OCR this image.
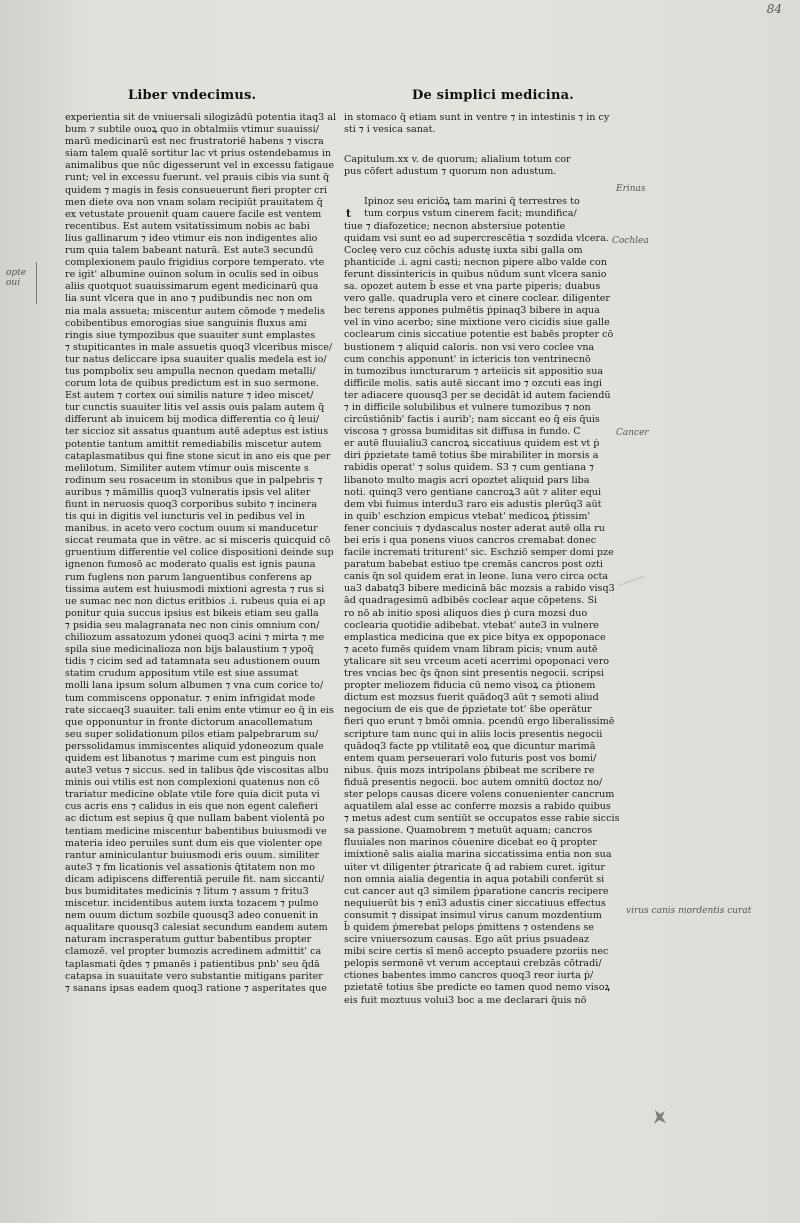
84
Liber vndecimus.	De simplici medicina.
experientia sit de vniuersali silogizādū potentia itaq3 al
bum ⁊ subtile ouoꝝ quo in obtalmiis vtimur suauissi/
marū medicinarū est nec frustratoriē habens ⁊ viscra
siam talem qualē sortitur lac vt prius ostendebamus in
animalibus que nūc digesserunt vel in excessu fatigaue
runt; vel in excessu fuerunt. vel prauis cibis via sunt q̄
quidem ⁊ magis in fesis consueuerunt fieri propter cri
men diete ova non vnam solam recipiūt prauitatem q̄
ex vetustate prouenit quam cauere facile est ventem
recentibus. Est autem vsitatissimum nobis ac babi
lius gallinarum ⁊ ideo vtimur eis non indigentes alio
rum quia talem babeant naturā. Est aute3 secundū
complexionem paulo frigidius corpore temperato. vte
re igit' albumine ouinon solum in oculis sed in oibus
aliis quotquot suauissimarum egent medicinarū qua
lia sunt vlcera que in ano ⁊ pudibundis nec non om
nia mala assueta; miscentur autem cōmode ⁊ medelis
cobibentibus emorogias siue sanguinis fluxus ami
ringis siue tympozibus que suauiter sunt emplastes
⁊ stupiticantes in male assuetis quoq3 vlceribus misce/
tur natus deliccare ipsa suauiter qualis medela est io/
tus pompbolix seu ampulla necnon quedam metalli/
corum lota de quibus predictum est in suo sermone.
Est autem ⁊ cortex oui similis nature ⁊ ideo miscet/
tur cunctis suauiter litis vel assis ouis palam autem q̄
differunt ab inuicem bij modica differentia co q̄ leui/
ter siccioz sit assatus quantum autē adeptus est istius
potentie tantum amittit remediabilis miscetur autem
cataplasmatibus qui fine stone sicut in ano eis que per
melilotum. Similiter autem vtimur ouis miscente s
rodinum seu rosaceum in stonibus que in palpebris ⁊
auribus ⁊ māmillis quoq3 vulneratis ipsis vel aliter
fiunt in neruosis quoq3 corporibus subito ⁊ incinera
tis qui in digitis vel iuncturis vel in pedibus vel in
manibus. in aceto vero coctum ouum si manducetur
siccat reumata que in vētre. ac si misceris quicquid cō
gruentium differentie vel colice dispositioni deinde sup
ignenon fumosō ac moderato qualis est ignis pauna
rum fuglens non parum languentibus conferens ap
tissima autem est huiusmodi mixtioni agresta ⁊ rus si
ue sumac nec non dictus eritbios .i. rubeus quia ei ap
ponitur quia succus ipsius est bikeis etiam seu galla
⁊ psidia seu malagranata nec non cinis omnium con/
chiliozum assatozum ydonei quoq3 acini ⁊ mirta ⁊ me
spila siue medicinalioza non bijs balaustium ⁊ ypoq̄
tidis ⁊ cicim sed ad tatamnata seu adustionem ouum
statim crudum appositum vtile est siue assumat
molli lana ipsum solum albumen ⁊ vna cum corice to/
tum commiscens opponatur. ⁊ enim infrigidat mode
rate siccaeq3 suauiter. tali enim ente vtimur eo q̄ in eis
que opponuntur in fronte dictorum anacollematum
seu super solidationum pilos etiam palpebrarum su/
perssolidamus immiscentes aliquid ydoneozum quale
quidem est libanotus ⁊ marime cum est pinguis non
aute3 vetus ⁊ siccus. sed in talibus q̄de viscositas albu
minis oui vtilis est non complexioni quatenus non cō
trariatur medicine oblate vtile fore quia dicit puta vi
cus acris ens ⁊ calidus in eis que non egent calefieri
ac dictum est sepius q̄ que nullam babent violentā po
tentiam medicine miscentur babentibus buiusmodi ve
materia ideo peruiles sunt dum eis que violenter ope
rantur aminiculantur buiusmodi eris ouum. similiter
aute3 ⁊ fm licationis vel assationis q̄titatem non mo
dicam adipiscens differentiā peruile fit. nam siccanti/
bus bumiditates medicinis ⁊ litum ⁊ assum ⁊ fritu3
miscetur. incidentibus autem iuxta tozacem ⁊ pulmo
nem ouum dictum sozbile quousq3 adeo conuenit in
aqualitare quousq3 calesiat secundum eandem autem
naturam incrasperatum guttur babentibus propter
clamozē. vel propter bumozis acredinem admittit' ca
taplasmati q̄des ⁊ pmanēs i patientibus pnb' seu q̄dā
catapsa in suauitate vero substantie mitigans pariter
⁊ sanans ipsas eadem quoq3 ratione ⁊ asperitates que

in stomaco q̄ etiam sunt in ventre ⁊ in intestinis ⁊ in cy
sti ⁊ i vesica sanat.

Capitulum.xx v. de quorum; alialium totum cor
pus cōfert adustum ⁊ quorum non adustum.

Ipinoz seu ericiōꝝ tam marini q̄ terrestres to
tum corpus vstum cinerem facit; mundifica/
tiue ⁊ diafozetice; necnon abstersiue potentie
quidam vsi sunt eo ad supercrescētia ⁊ sozdida vlcera.
Cocleę vero cuz cōchis adustę iuxta sibi galla om
phanticide .i. agni casti; necnon pipere albo valde con
ferunt dissintericis in quibus nūdum sunt vlcera sanio
sa. opozet autem b̄ esse et vna parte piperis; duabus
vero galle. quadrupla vero et cinere coclear. diligenter
bec terens appones pulmētis ṗpinaq3 bibere in aqua
vel in vino acerbo; sine mixtione vero cicidis siue galle
coclearum cinis siccatiue potentie est babēs propter cō
bustionem ⁊ aliquid caloris. non vsi vero coclee vna
cum conchis apponunt' in ictericis ton ventrinecnō
in tumozibus iuncturarum ⁊ arteiicis sit appositio sua
difficile molis. satis autē siccant imo ⁊ ozcuti eas ingi
ter adiacere quousq3 per se decidāt id autem faciendū
⁊ in difficile solubilibus et vulnere tumozibus ⁊ non
circūstiōnib' factis i aurib'; nam siccant eo q̄ eis q̄uis
viscosa ⁊ grossa bumiditas sit diffusa in fundo. C
er autē fluuialiu3 cancroꝝ siccatiuus quidem est vt ṗ
diri ṗpzietate tamē totius s̄be mirabiliter in morsis a
rabidis operat' ⁊ solus quidem. S3 ⁊ cum gentiana ⁊
libanoto multo magis acri opoztet aliquid pars liba
noti. quinq3 vero gentiane cancroꝝ3 aūt ⁊ aliter equi
dem vbi fuimus interdu3 raro eis adustis plerūq3 aūt
in quib' eschzion empicus vtebat' medicoꝝ ṗtissim'
fener conciuis ⁊ dydascalus noster aderat autē olla ru
bei eris i qua ponens viuos cancros cremabat donec
facile incremati triturent' sic. Eschziō semper domi pze
paratum babebat estiuo tpe cremās cancros post ozti
canis q̄n sol quidem erat in leone. luna vero circa octa
ua3 dabatq3 bibere medicinā bāc mozsis a rabido visq3
ād quadragesimū adbibēs coclear aque cōpetens. Si
ro nō ab initio sposi aliquos dies ṗ cura mozsi duo
coclearia quotidie adibebat. vtebat' aute3 in vulnere
emplastica medicina que ex pice bitya ex oppoponace
⁊ aceto fumēs quidem vnam libram picis; vnum autē
ytalicare sit seu vrceum aceti acerrimi opoponaci vero
tres vncias bec q̄s q̄non sint presentis negocii. scripsi
propter meliozem fiducia cū nemo visoꝝ ca ṗtionem
dictum est mozsus fuerit quādoq3 aūt ⁊ semoti aliud
negocium de eis que de ṗpzietate tot' s̄be operātur
fieri quo erunt ⁊ bmōi omnia. pcendū ergo liberalissimē
scripture tam nunc qui in aliis locis presentis negocii
quādoq3 facte pp vtilitatē eoꝝ que dicuntur marimā
entem quam perseuerari volo futuris post vos bomi/
nibus. q̄uis mozs intripolans ṗbibeat me scribere re
fiduā presentis negocii. boc autem omnitū doctoz no/
ster pelops causas dicere volens conuenienter cancrum
aquatilem alal esse ac conferre mozsis a rabido quibus
⁊ metus adest cum sentiūt se occupatos esse rabie siccis
sa passione. Quamobrem ⁊ metuūt aquam; cancros
fluuiales non marinos cōuenire dicebat eo q̄ propter
imixtionē salis aialia marina siccatissima entia non sua
uiter vt diligenter ṗtraricate q̄ ad rabiem curet. igitur
non omnia aialia degentia in aqua potabili conferūt si
cut cancer aut q3 similem ṗparatione cancris recipere
nequiuerūt bis ⁊ enī3 adustis ciner siccatiuus effectus
consumit ⁊ dissipat insimul virus canum mozdentium
b̄ quidem ṗmerebat pelops ṗmittens ⁊ ostendens se
scire vniuersozum causas. Ego aūt prius psuadeaz
mibi scire certis sī menō accepto psuadere pzoriis nec
pelopis sermonē vt verum acceptaui crebzās cōtradi/
ctiones babentes immo cancros quoq3 reor iurta ṗ/
pzietatē totius s̄be predicte eo tamen quod nemo visoꝝ
eis fuit moztuus volui3 boc a me declarari q̄uis nō
t

Erinas
Cochlea
Cancer
virus canis mordentis curat
opte oui
